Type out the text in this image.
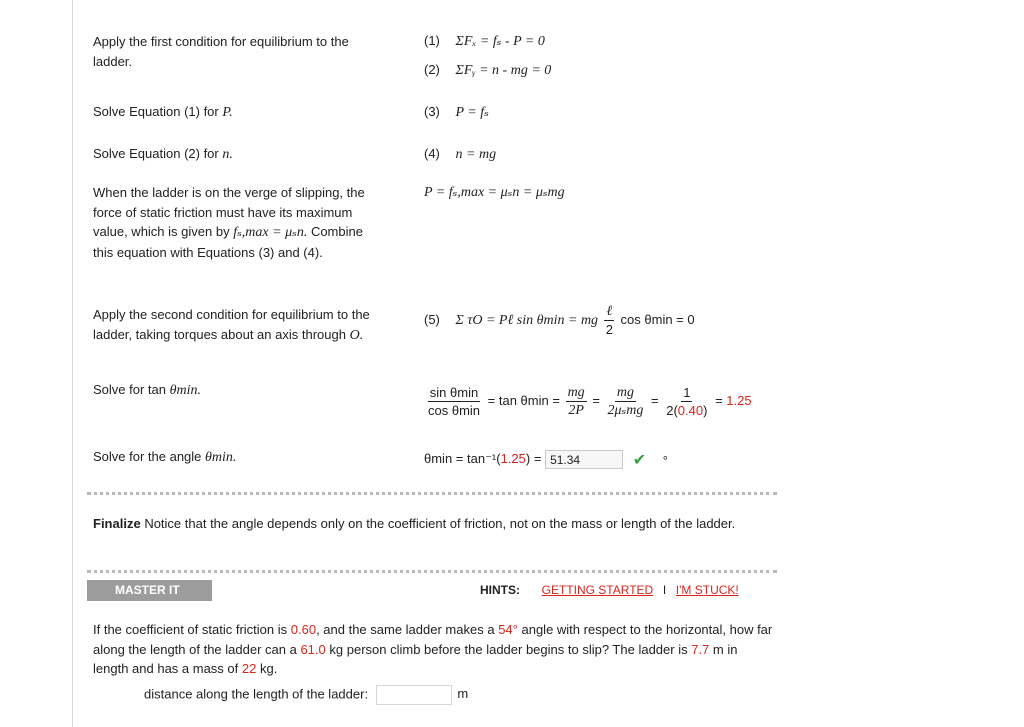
Apply the first condition for equilibrium to the ladder.
(1) ΣFₓ = fₛ - P = 0
(2) ΣFᵧ = n - mg = 0
Solve Equation (1) for P.	(3) P = fₛ
Solve Equation (2) for n.	(4) n = mg
When the ladder is on the verge of slipping, the force of static friction must have its maximum value, which is given by fₛ,max = μₛn. Combine this equation with Equations (3) and (4).
P = fₛ,max = μₛn = μₛmg
Apply the second condition for equilibrium to the ladder, taking torques about an axis through O.
(5) Σ τO = Pℓ sin θmin = mg $\frac{\text{ℓ}}{2}$ cos θmin = 0
Solve for tan θmin.	$\frac{\text{sin θmin}}{\text{cos θmin}} = \tan \theta\min = \frac{mg}{2P} = \frac{mg}{\text{2μₛmg}} = \frac{1}{2(0.40)} = 1.25$
Solve for the angle θmin.	θmin = tan⁻¹(1.25) = 51.34	✔ °
Finalize Notice that the angle depends only on the coefficient of friction, not on the mass or length of the ladder.
MASTER IT	HINTS: GETTING STARTED I I'M STUCK!
If the coefficient of static friction is 0.60, and the same ladder makes a 54° angle with respect to the horizontal, how far along the length of the ladder can a 61.0 kg person climb before the ladder begins to slip? The ladder is 7.7 m in length and has a mass of 22 kg.
distance along the length of the ladder:	m
